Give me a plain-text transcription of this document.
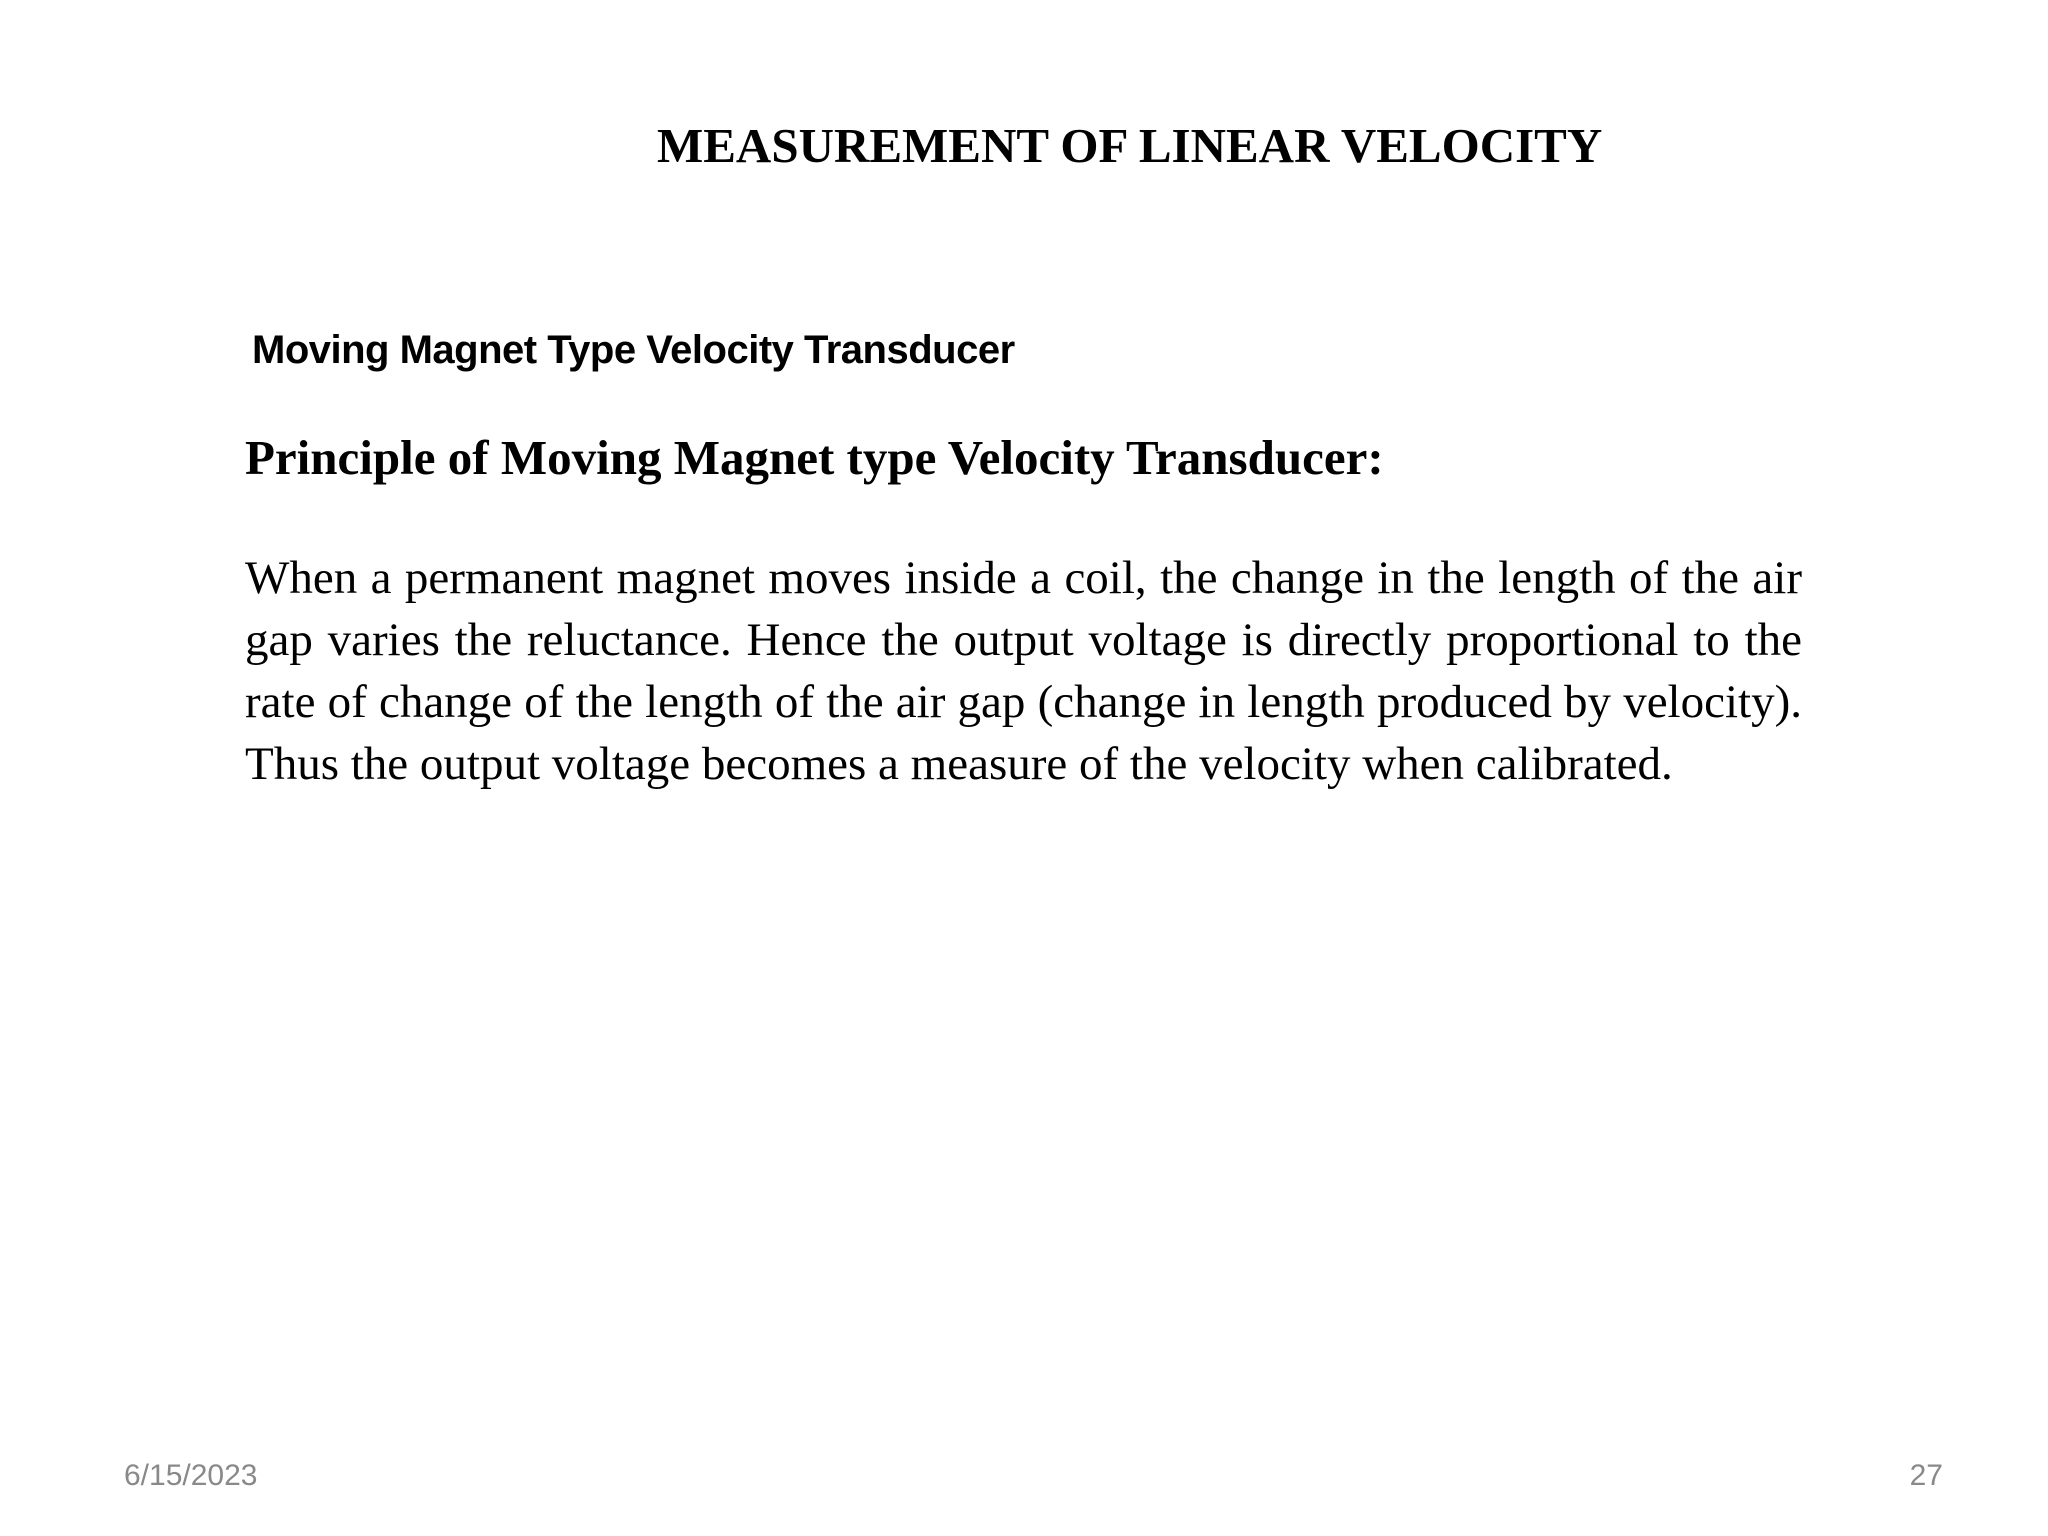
MEASUREMENT OF LINEAR VELOCITY
Moving Magnet Type Velocity Transducer
Principle of Moving Magnet type Velocity Transducer:

When a permanent magnet moves inside a coil, the change in the length of the air gap varies the reluctance. Hence the output voltage is directly proportional to the rate of change of the length of the air gap (change in length produced by velocity). Thus the output voltage becomes a measure of the velocity when calibrated.

6/15/2023	27
